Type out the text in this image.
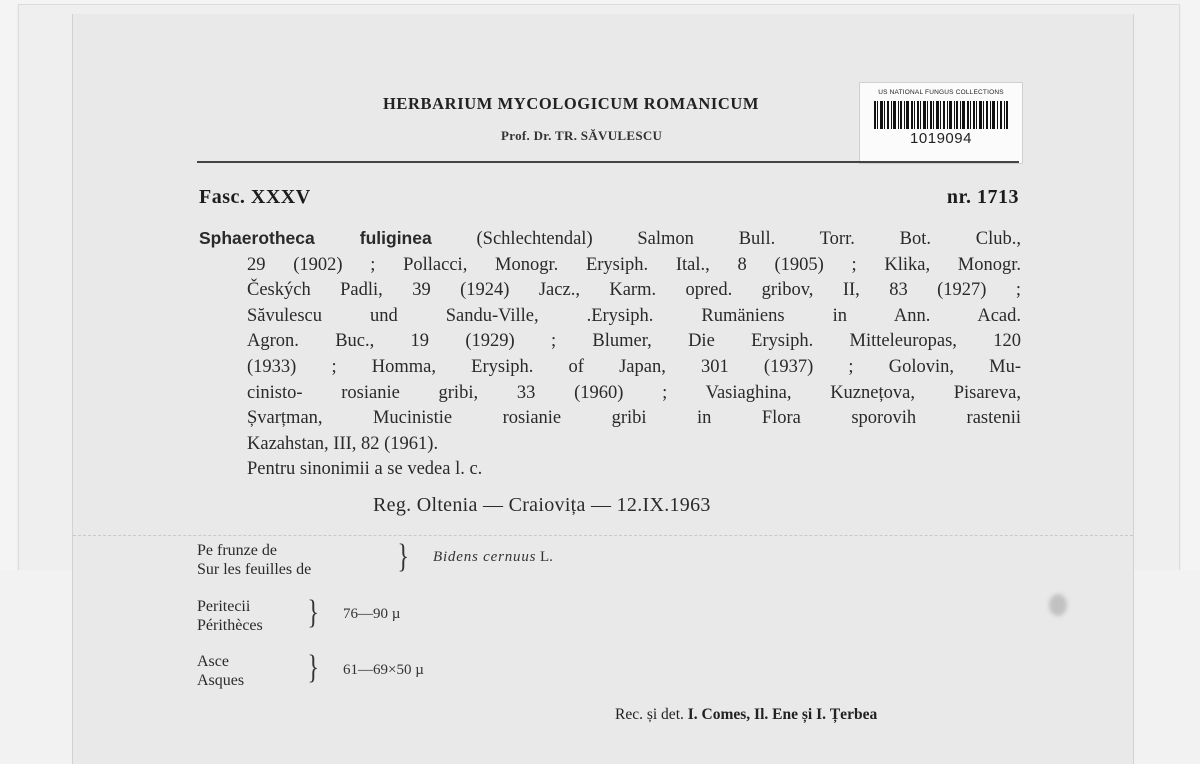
HERBARIUM MYCOLOGICUM ROMANICUM
Prof. Dr. TR. SĂVULESCU
US NATIONAL FUNGUS COLLECTIONS
1019094
Fasc. XXXV	nr. 1713
Sphaerotheca fuliginea (Schlechtendal) Salmon Bull. Torr. Bot. Club.,
29 (1902) ; Pollacci, Monogr. Erysiph. Ital., 8 (1905) ; Klika, Monogr.
Českých Padli, 39 (1924) Jacz., Karm. opred. gribov, II, 83 (1927) ;
Săvulescu und Sandu-Ville, .Erysiph. Rumäniens in Ann. Acad.
Agron. Buc., 19 (1929) ; Blumer, Die Erysiph. Mitteleuropas, 120
(1933) ; Homma, Erysiph. of Japan, 301 (1937) ; Golovin, Mu-
cinisto- rosianie gribi, 33 (1960) ; Vasiaghina, Kuznețova, Pisareva,
Șvarțman, Mucinistie rosianie gribi in Flora sporovih rastenii
Kazahstan, III, 82 (1961).
Pentru sinonimii a se vedea l. c.
Reg. Oltenia — Craiovița — 12.IX.1963
Pe frunze de
Sur les feuilles de	} Bidens cernuus L.
Peritecii
Périthèces } 76—90 µ
Asce
Asques } 61—69×50 µ
Rec. și det. I. Comes, Il. Ene și I. Țerbea
